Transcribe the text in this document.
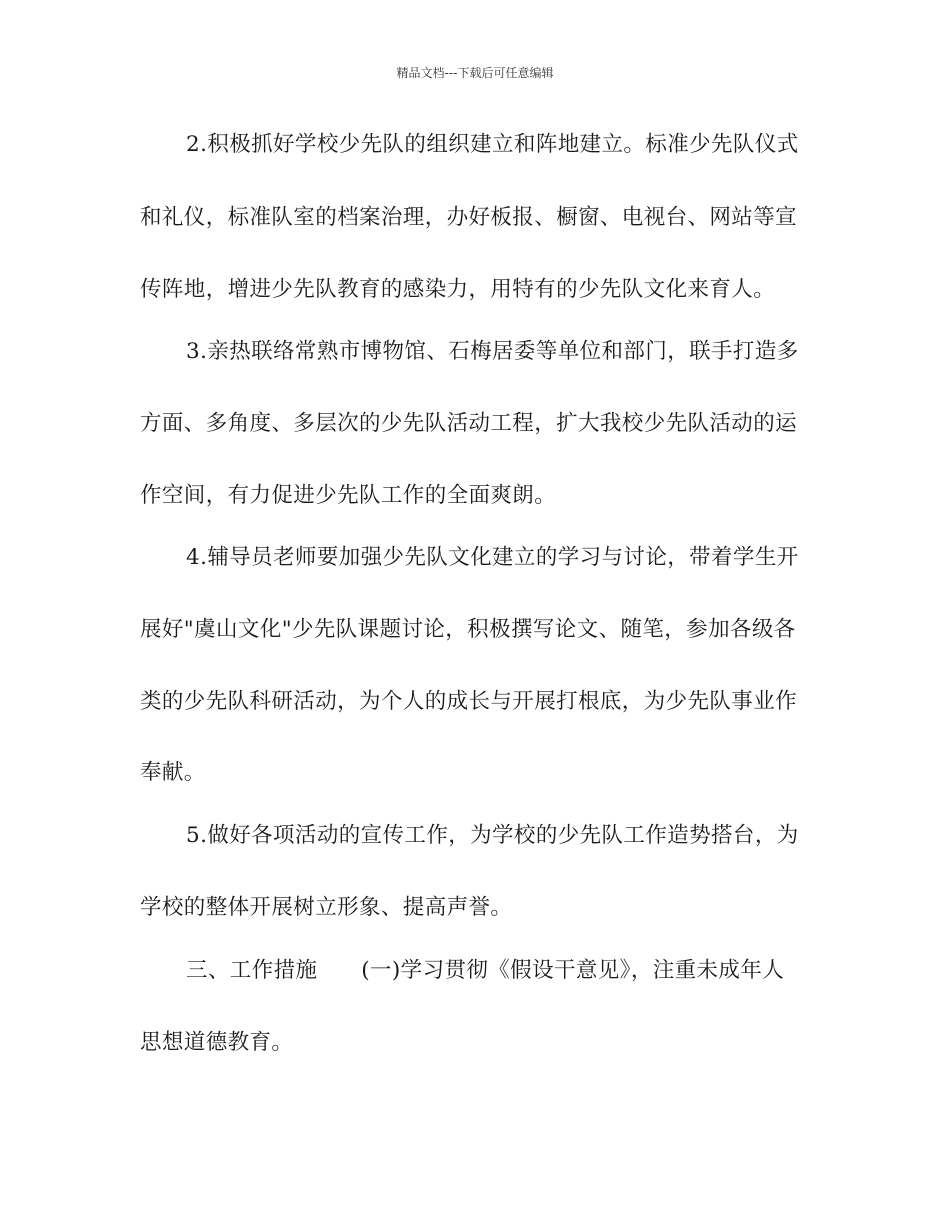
精品文档---下载后可任意编辑
2.积极抓好学校少先队的组织建立和阵地建立。标准少先队仪式
和礼仪，标准队室的档案治理，办好板报、橱窗、电视台、网站等宣
传阵地，增进少先队教育的感染力，用特有的少先队文化来育人。
3.亲热联络常熟市博物馆、石梅居委等单位和部门，联手打造多
方面、多角度、多层次的少先队活动工程，扩大我校少先队活动的运
作空间，有力促进少先队工作的全面爽朗。
4.辅导员老师要加强少先队文化建立的学习与讨论，带着学生开
展好"虞山文化"少先队课题讨论，积极撰写论文、随笔，参加各级各
类的少先队科研活动，为个人的成长与开展打根底，为少先队事业作
奉献。
5.做好各项活动的宣传工作，为学校的少先队工作造势搭台，为
学校的整体开展树立形象、提高声誉。
三、工作措施　　(一)学习贯彻《假设干意见》，注重未成年人
思想道德教育。
